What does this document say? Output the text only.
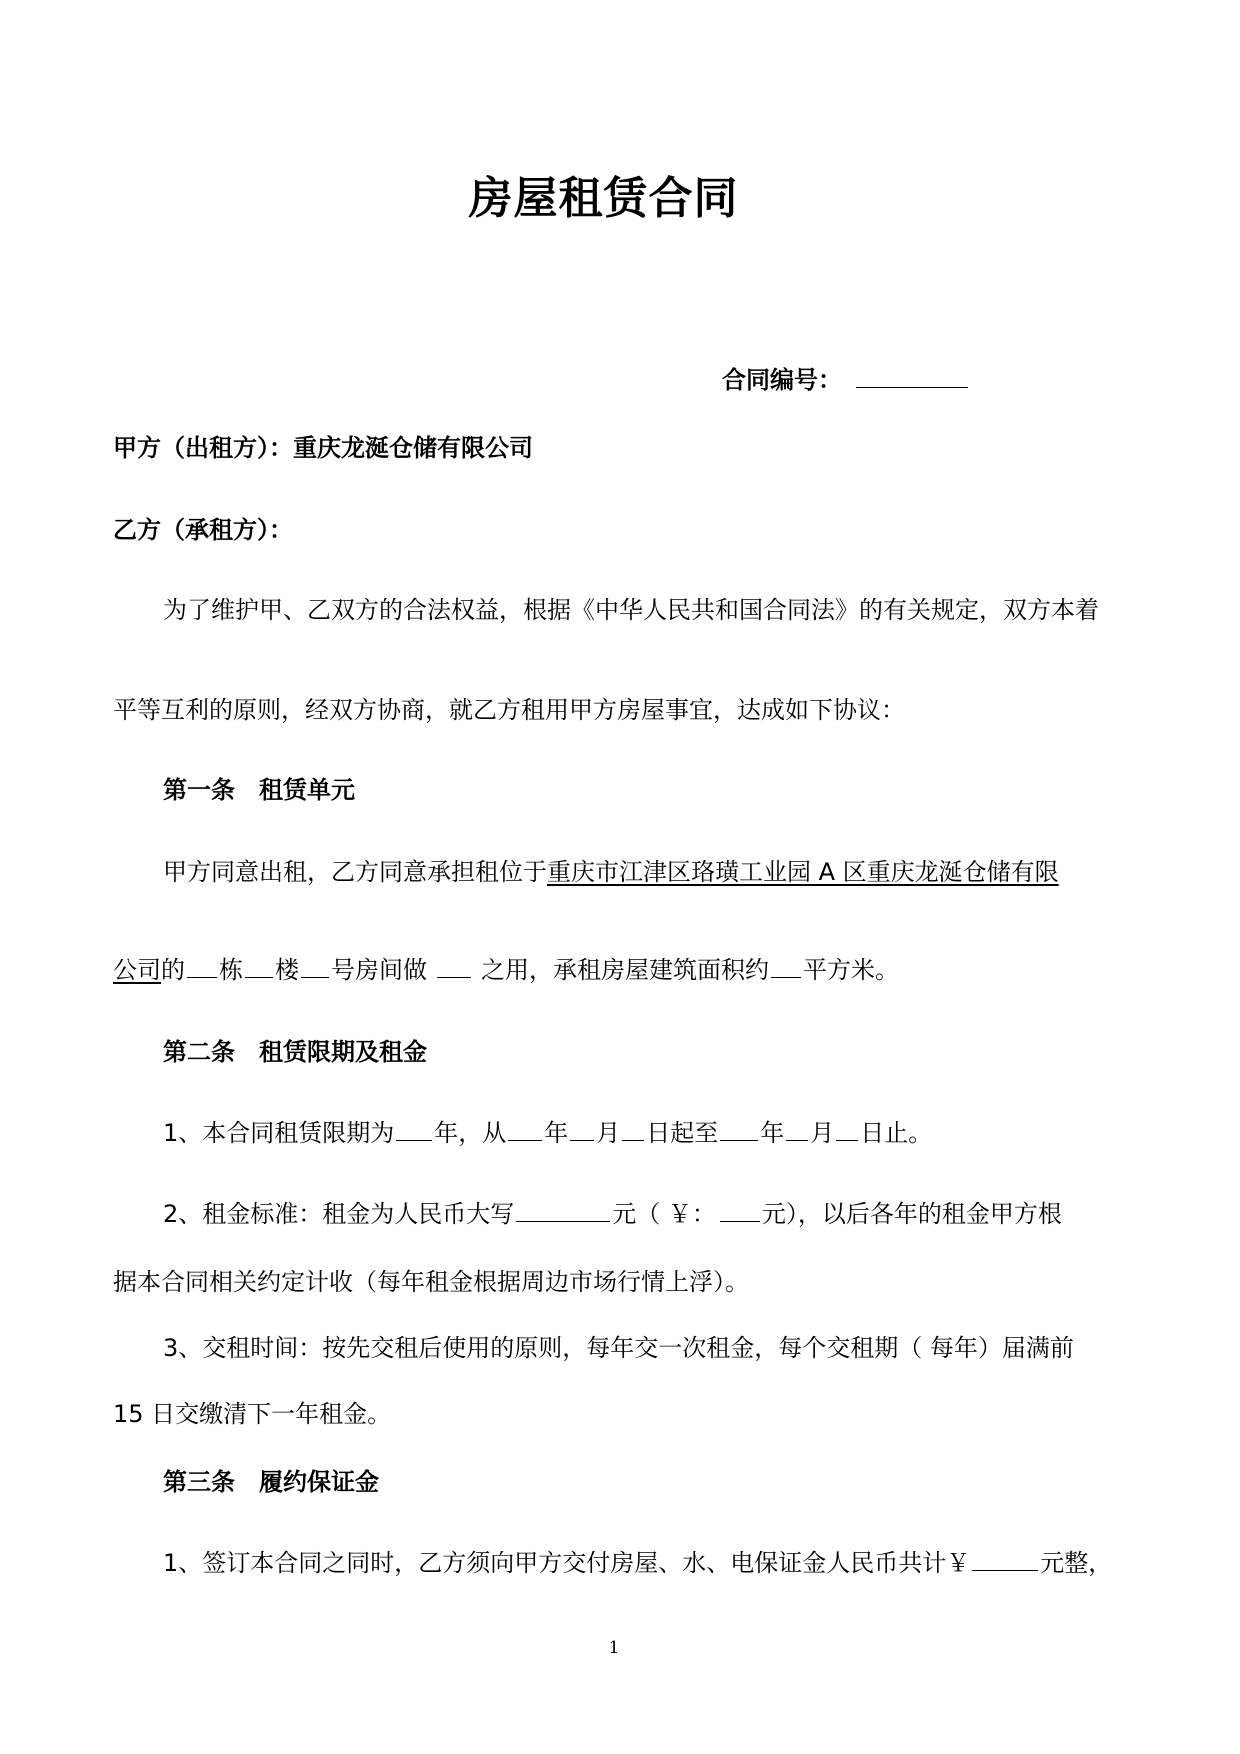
房屋租赁合同
合同编号：
甲方（出租方）：重庆龙涎仓储有限公司
乙方（承租方）：
为了维护甲、乙双方的合法权益，根据《中华人民共和国合同法》的有关规定，双方本着
平等互利的原则，经双方协商，就乙方租用甲方房屋事宜，达成如下协议：
第一条 租赁单元
甲方同意出租，乙方同意承担租位于重庆市江津区珞璜工业园 A 区重庆龙涎仓储有限
公司的 栋 楼 号房间做 之用，承租房屋建筑面积约 平方米。
第二条 租赁限期及租金
1、本合同租赁限期为 年，从 年 月 日起至 年 月 日止。
2、租金标准：租金为人民币大写	元（ ￥： 元），以后各年的租金甲方根
据本合同相关约定计收（每年租金根据周边市场行情上浮）。
3、交租时间：按先交租后使用的原则，每年交一次租金，每个交租期（ 每年）届满前
15 日交缴清下一年租金。
第三条 履约保证金
1、签订本合同之同时，乙方须向甲方交付房屋、水、电保证金人民币共计￥	元整，
1
